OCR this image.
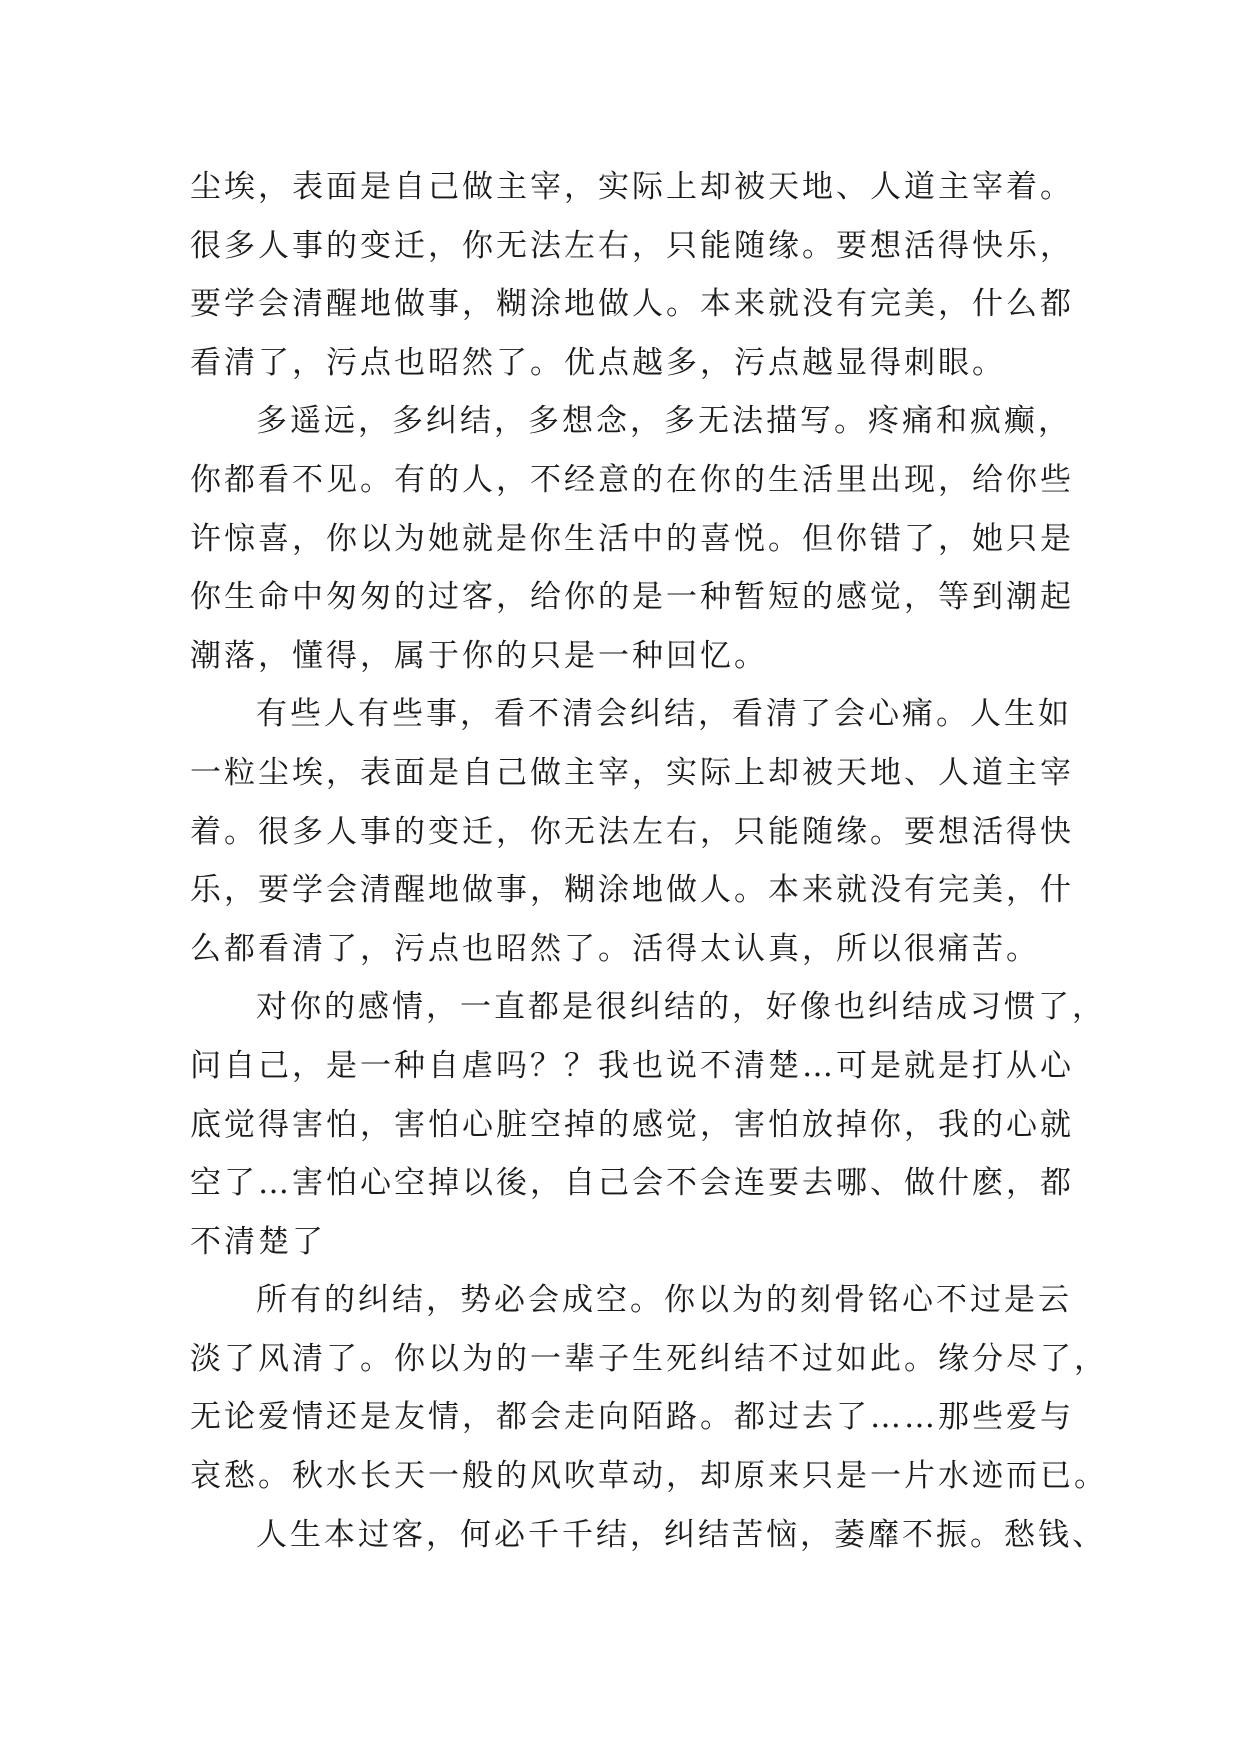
尘埃，表面是自己做主宰，实际上却被天地、人道主宰着。
很多人事的变迁，你无法左右，只能随缘。要想活得快乐，
要学会清醒地做事，糊涂地做人。本来就没有完美，什么都
看清了，污点也昭然了。优点越多，污点越显得刺眼。
多遥远，多纠结，多想念，多无法描写。疼痛和疯癫，
你都看不见。有的人，不经意的在你的生活里出现，给你些
许惊喜，你以为她就是你生活中的喜悦。但你错了，她只是
你生命中匆匆的过客，给你的是一种暂短的感觉，等到潮起
潮落，懂得，属于你的只是一种回忆。
有些人有些事，看不清会纠结，看清了会心痛。人生如
一粒尘埃，表面是自己做主宰，实际上却被天地、人道主宰
着。很多人事的变迁，你无法左右，只能随缘。要想活得快
乐，要学会清醒地做事，糊涂地做人。本来就没有完美，什
么都看清了，污点也昭然了。活得太认真，所以很痛苦。
对你的感情，一直都是很纠结的，好像也纠结成习惯了，
问自己，是一种自虐吗？？我也说不清楚…可是就是打从心
底觉得害怕，害怕心脏空掉的感觉，害怕放掉你，我的心就
空了…害怕心空掉以後，自己会不会连要去哪、做什麽，都
不清楚了
所有的纠结，势必会成空。你以为的刻骨铭心不过是云
淡了风清了。你以为的一辈子生死纠结不过如此。缘分尽了，
无论爱情还是友情，都会走向陌路。都过去了……那些爱与
哀愁。秋水长天一般的风吹草动，却原来只是一片水迹而已。
人生本过客，何必千千结，纠结苦恼，萎靡不振。愁钱、
